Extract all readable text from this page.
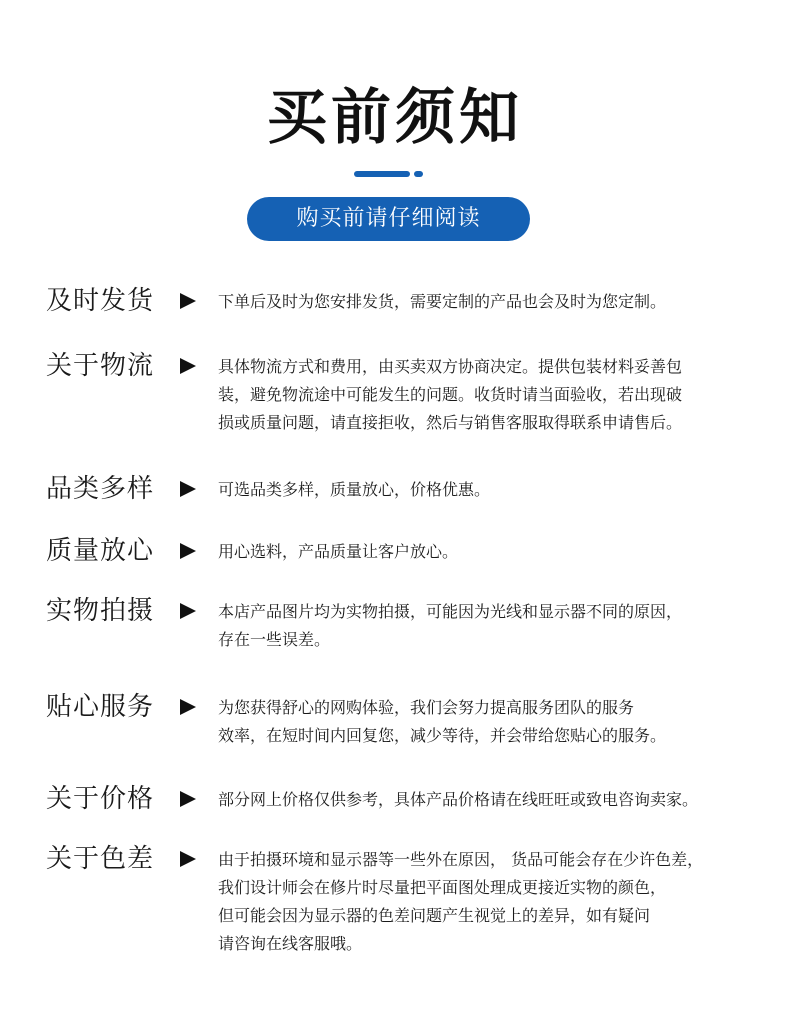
买前须知
购买前请仔细阅读
及时发货	下单后及时为您安排发货，需要定制的产品也会及时为您定制。
关于物流	具体物流方式和费用，由买卖双方协商决定。提供包装材料妥善包
装，避免物流途中可能发生的问题。收货时请当面验收，若出现破
损或质量问题，请直接拒收，然后与销售客服取得联系申请售后。
品类多样	可选品类多样，质量放心，价格优惠。
质量放心	用心选料，产品质量让客户放心。
实物拍摄	本店产品图片均为实物拍摄，可能因为光线和显示器不同的原因，
存在一些误差。
贴心服务	为您获得舒心的网购体验，我们会努力提高服务团队的服务
效率，在短时间内回复您，减少等待，并会带给您贴心的服务。
关于价格	部分网上价格仅供参考，具体产品价格请在线旺旺或致电咨询卖家。
关于色差	由于拍摄环境和显示器等一些外在原因， 货品可能会存在少许色差，
我们设计师会在修片时尽量把平面图处理成更接近实物的颜色，
但可能会因为显示器的色差问题产生视觉上的差异，如有疑问
请咨询在线客服哦。
